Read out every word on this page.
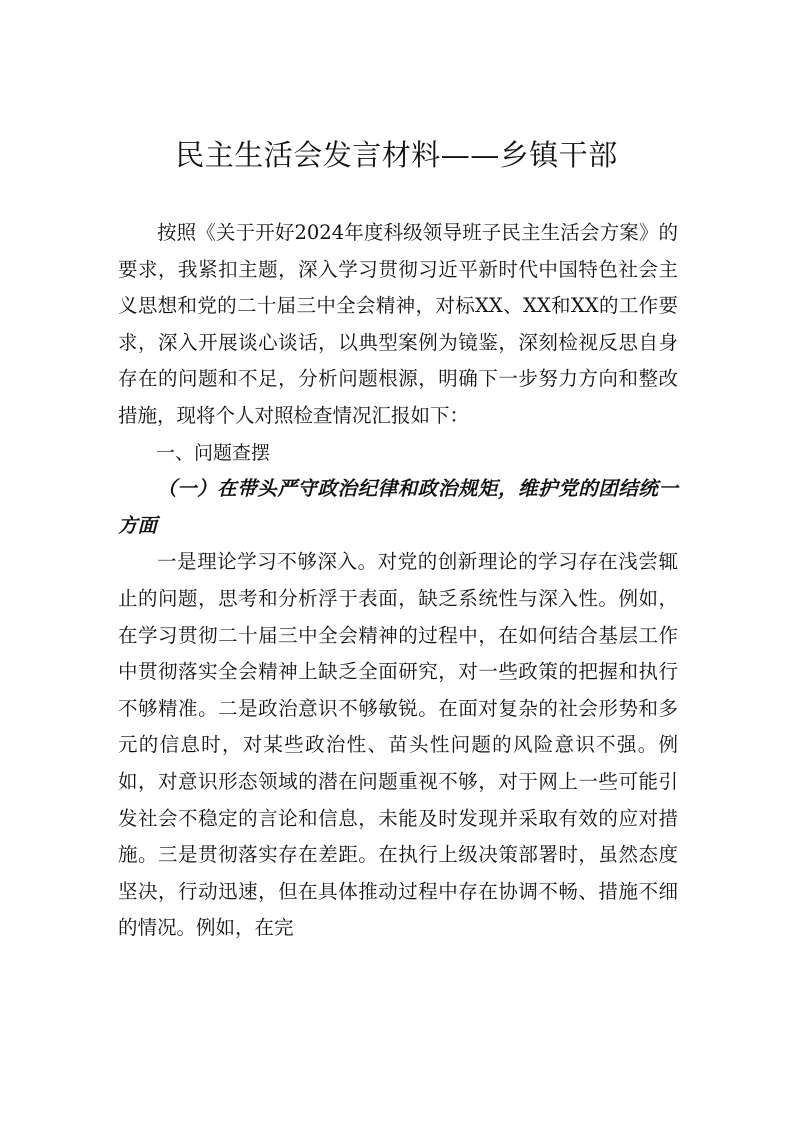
民主生活会发言材料——乡镇干部

按照《关于开好2024年度科级领导班子民主生活会方案》的要求，我紧扣主题，深入学习贯彻习近平新时代中国特色社会主义思想和党的二十届三中全会精神，对标XX、XX和XX的工作要求，深入开展谈心谈话，以典型案例为镜鉴，深刻检视反思自身存在的问题和不足，分析问题根源，明确下一步努力方向和整改措施，现将个人对照检查情况汇报如下：

一、问题查摆

（一）在带头严守政治纪律和政治规矩，维护党的团结统一方面

一是理论学习不够深入。对党的创新理论的学习存在浅尝辄止的问题，思考和分析浮于表面，缺乏系统性与深入性。例如，在学习贯彻二十届三中全会精神的过程中，在如何结合基层工作中贯彻落实全会精神上缺乏全面研究，对一些政策的把握和执行不够精准。二是政治意识不够敏锐。在面对复杂的社会形势和多元的信息时，对某些政治性、苗头性问题的风险意识不强。例如，对意识形态领域的潜在问题重视不够，对于网上一些可能引发社会不稳定的言论和信息，未能及时发现并采取有效的应对措施。三是贯彻落实存在差距。在执行上级决策部署时，虽然态度坚决，行动迅速，但在具体推动过程中存在协调不畅、措施不细的情况。例如，在完
